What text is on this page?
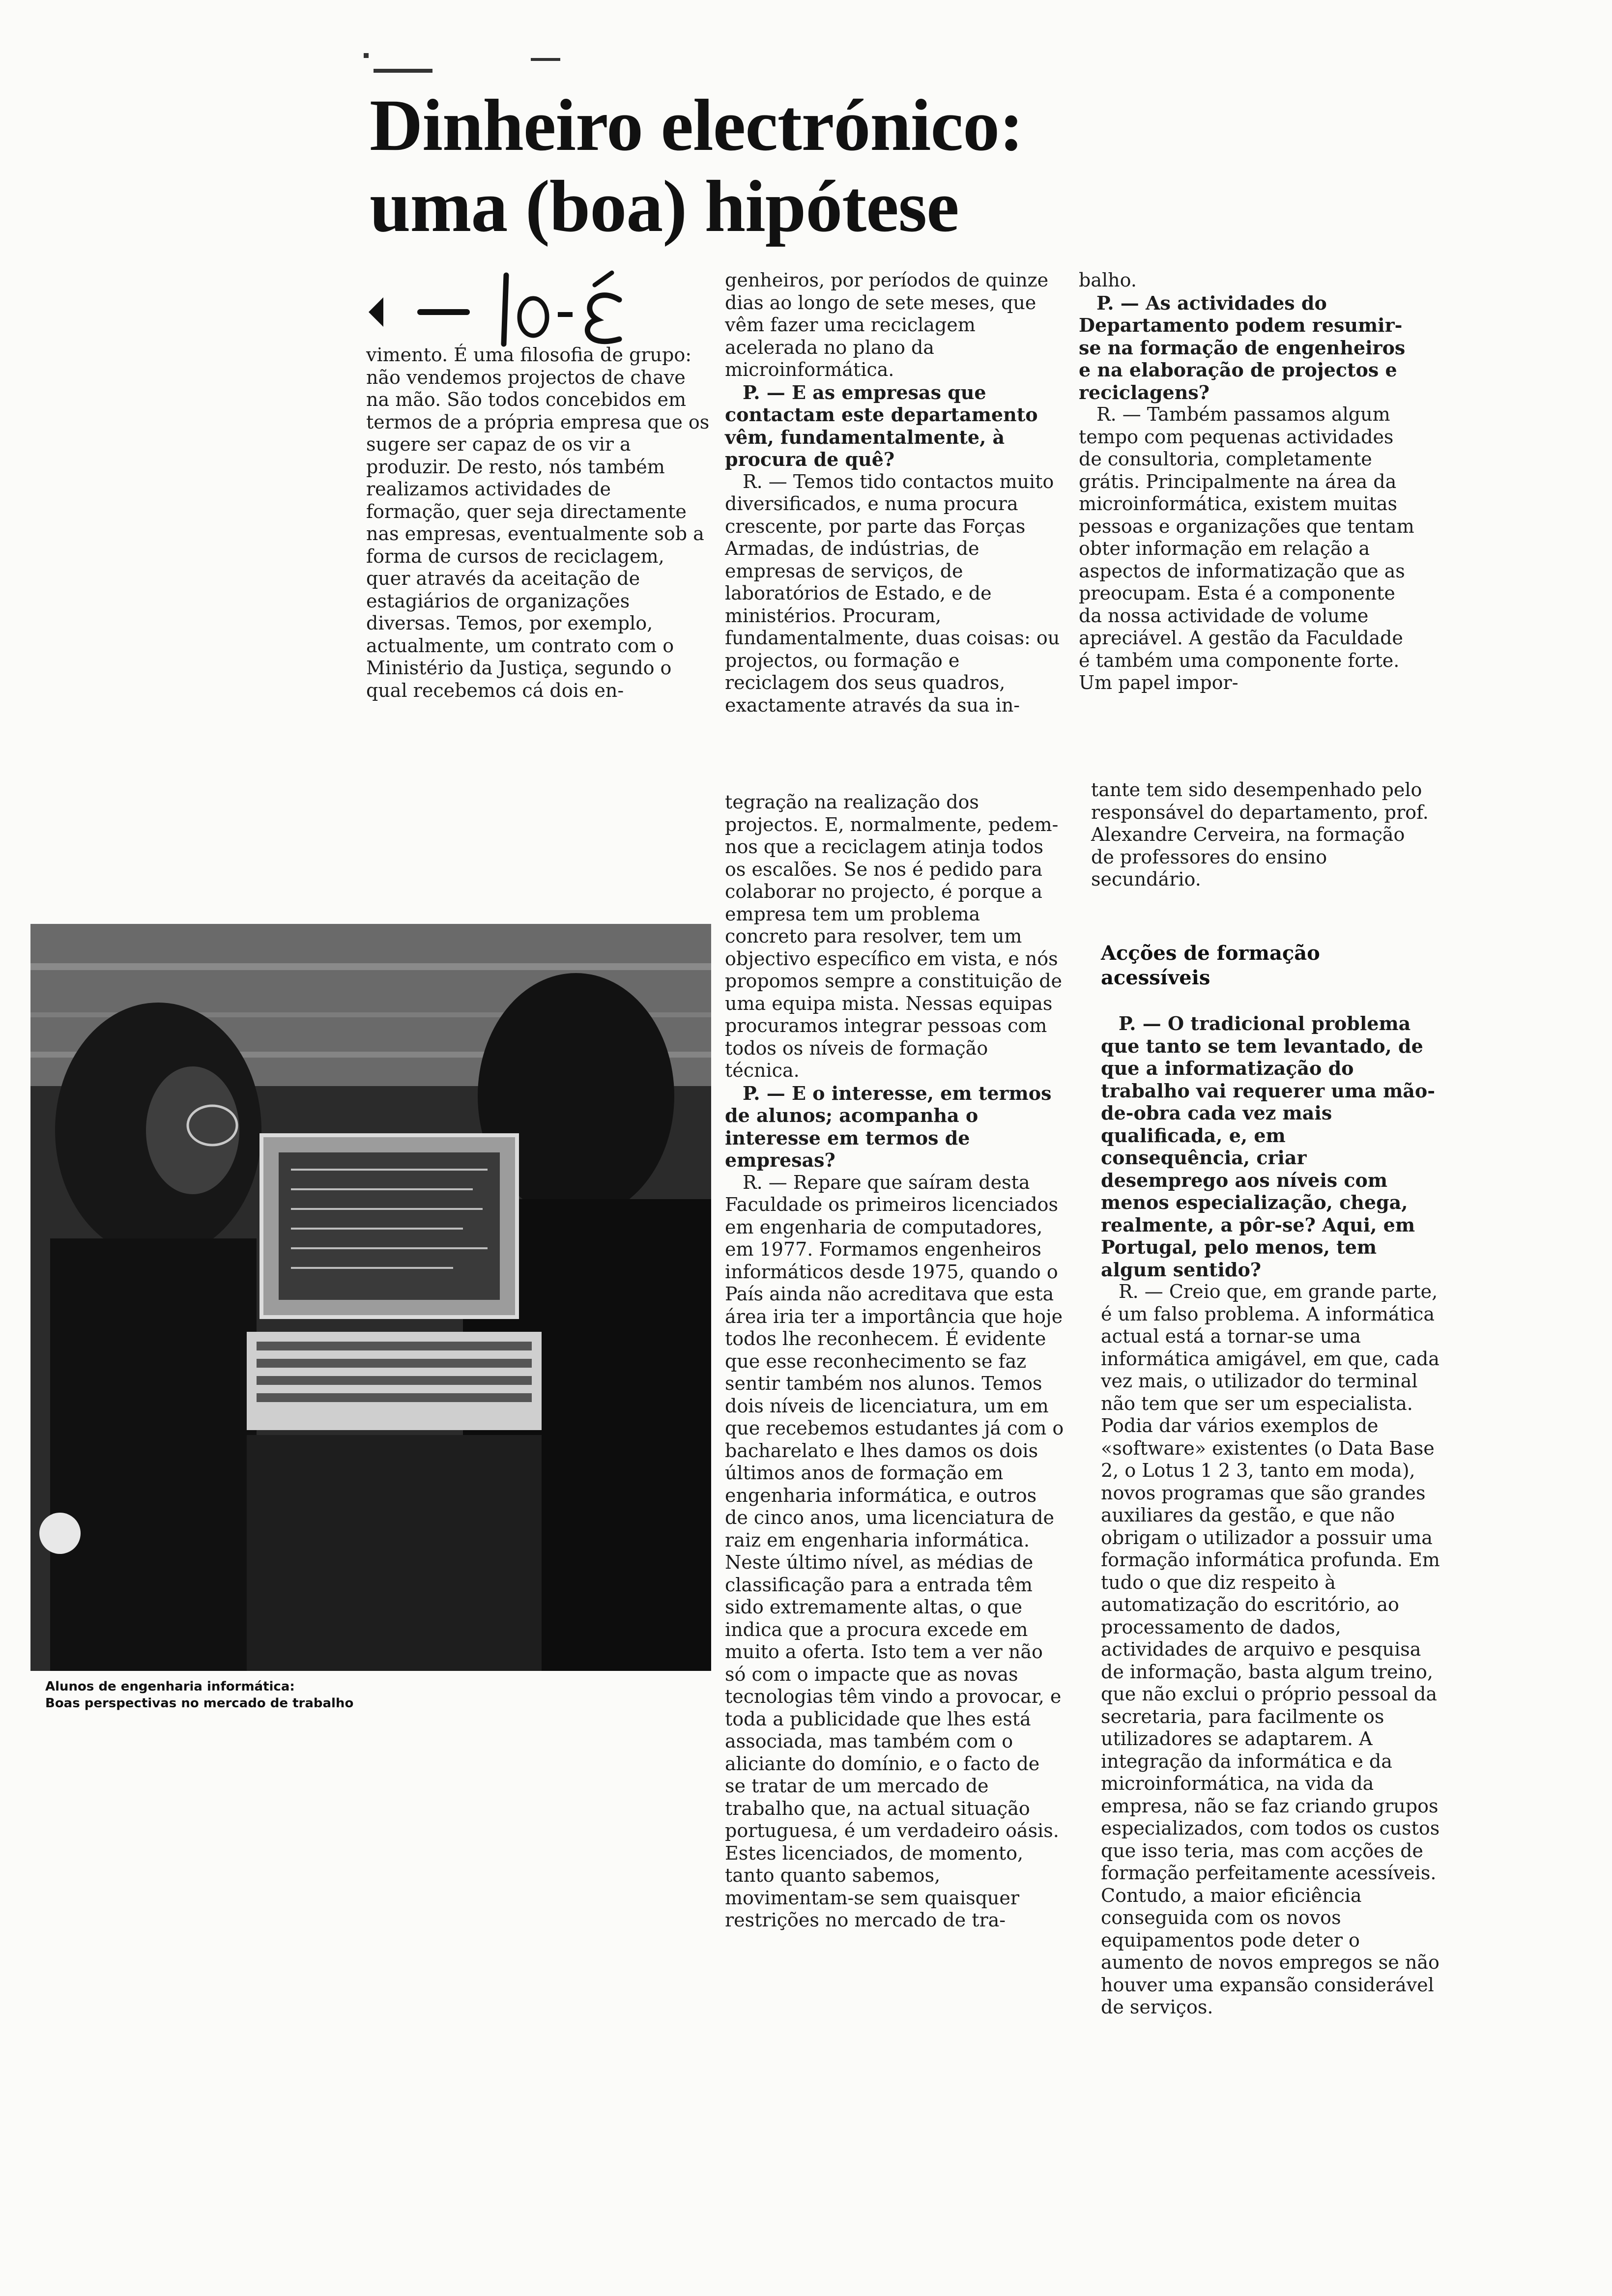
Dinheiro electrónico:
uma (boa) hipótese

vimento. É uma filosofia de grupo: não vendemos projectos de chave na mão. São todos concebidos em termos de a própria empresa que os sugere ser capaz de os vir a produzir. De resto, nós também realizamos actividades de formação, quer seja directamente nas empresas, eventualmente sob a forma de cursos de reciclagem, quer através da aceitação de estagiários de organizações diversas. Temos, por exemplo, actualmente, um contrato com o Ministério da Justiça, segundo o qual recebemos cá dois en-

genheiros, por períodos de quinze dias ao longo de sete meses, que vêm fazer uma reciclagem acelerada no plano da microinformática.

P. — E as empresas que contactam este departamento vêm, fundamentalmente, à procura de quê?

R. — Temos tido contactos muito diversificados, e numa procura crescente, por parte das Forças Armadas, de indústrias, de empresas de serviços, de laboratórios de Estado, e de ministérios. Procuram, fundamentalmente, duas coisas: ou projectos, ou formação e reciclagem dos seus quadros, exactamente através da sua in-

balho.

P. — As actividades do Departamento podem resumir-se na formação de engenheiros e na elaboração de projectos e reciclagens?

R. — Também passamos algum tempo com pequenas actividades de consultoria, completamente grátis. Principalmente na área da microinformática, existem muitas pessoas e organizações que tentam obter informação em relação a aspectos de informatização que as preocupam. Esta é a componente da nossa actividade de volume apreciável. A gestão da Faculdade é também uma componente forte. Um papel impor-

Alunos de engenharia informática:
Boas perspectivas no mercado de trabalho

tegração na realização dos projectos. E, normalmente, pedem-nos que a reciclagem atinja todos os escalões. Se nos é pedido para colaborar no projecto, é porque a empresa tem um problema concreto para resolver, tem um objectivo específico em vista, e nós propomos sempre a constituição de uma equipa mista. Nessas equipas procuramos integrar pessoas com todos os níveis de formação técnica.

P. — E o interesse, em termos de alunos; acompanha o interesse em termos de empresas?

R. — Repare que saíram desta Faculdade os primeiros licenciados em engenharia de computadores, em 1977. Formamos engenheiros informáticos desde 1975, quando o País ainda não acreditava que esta área iria ter a importância que hoje todos lhe reconhecem. É evidente que esse reconhecimento se faz sentir também nos alunos. Temos dois níveis de licenciatura, um em que recebemos estudantes já com o bacharelato e lhes damos os dois últimos anos de formação em engenharia informática, e outros de cinco anos, uma licenciatura de raiz em engenharia informática. Neste último nível, as médias de classificação para a entrada têm sido extremamente altas, o que indica que a procura excede em muito a oferta. Isto tem a ver não só com o impacte que as novas tecnologias têm vindo a provocar, e toda a publicidade que lhes está associada, mas também com o aliciante do domínio, e o facto de se tratar de um mercado de trabalho que, na actual situação portuguesa, é um verdadeiro oásis. Estes licenciados, de momento, tanto quanto sabemos, movimentam-se sem quaisquer restrições no mercado de tra-

tante tem sido desempenhado pelo responsável do departamento, prof. Alexandre Cerveira, na formação de professores do ensino secundário.

Acções de formação acessíveis

P. — O tradicional problema que tanto se tem levantado, de que a informatização do trabalho vai requerer uma mão-de-obra cada vez mais qualificada, e, em consequência, criar desemprego aos níveis com menos especialização, chega, realmente, a pôr-se? Aqui, em Portugal, pelo menos, tem algum sentido?

R. — Creio que, em grande parte, é um falso problema. A informática actual está a tornar-se uma informática amigável, em que, cada vez mais, o utilizador do terminal não tem que ser um especialista. Podia dar vários exemplos de «software» existentes (o Data Base 2, o Lotus 1 2 3, tanto em moda), novos programas que são grandes auxiliares da gestão, e que não obrigam o utilizador a possuir uma formação informática profunda. Em tudo o que diz respeito à automatização do escritório, ao processamento de dados, actividades de arquivo e pesquisa de informação, basta algum treino, que não exclui o próprio pessoal da secretaria, para facilmente os utilizadores se adaptarem. A integração da informática e da microinformática, na vida da empresa, não se faz criando grupos especializados, com todos os custos que isso teria, mas com acções de formação perfeitamente acessíveis. Contudo, a maior eficiência conseguida com os novos equipamentos pode deter o aumento de novos empregos se não houver uma expansão considerável de serviços.
